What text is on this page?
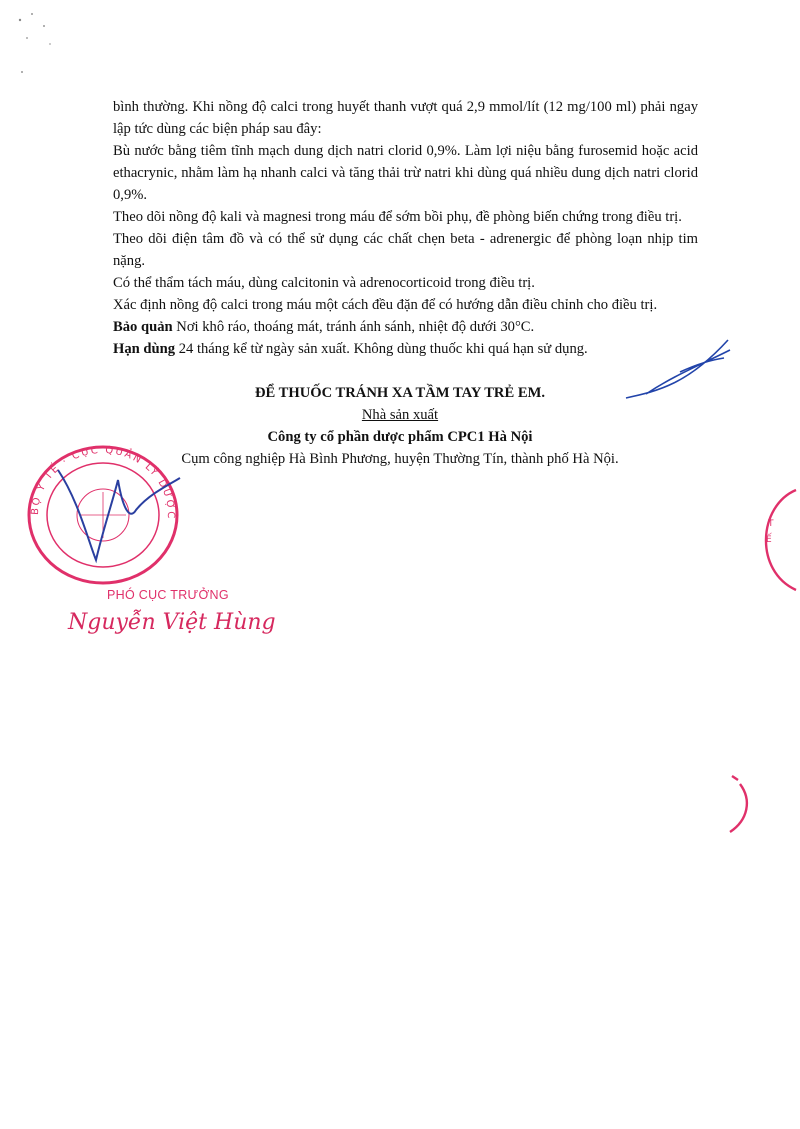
bình thường. Khi nồng độ calci trong huyết thanh vượt quá 2,9 mmol/lít (12 mg/100 ml) phải ngay lập tức dùng các biện pháp sau đây:

Bù nước bằng tiêm tĩnh mạch dung dịch natri clorid 0,9%. Làm lợi niệu bằng furosemid hoặc acid ethacrynic, nhằm làm hạ nhanh calci và tăng thải trừ natri khi dùng quá nhiều dung dịch natri clorid 0,9%.

Theo dõi nồng độ kali và magnesi trong máu để sớm bồi phụ, đề phòng biến chứng trong điều trị.

Theo dõi điện tâm đồ và có thể sử dụng các chất chẹn beta - adrenergic để phòng loạn nhịp tim nặng.

Có thể thẩm tách máu, dùng calcitonin và adrenocorticoid trong điều trị.

Xác định nồng độ calci trong máu một cách đều đặn để có hướng dẫn điều chỉnh cho điều trị.

Bảo quản Nơi khô ráo, thoáng mát, tránh ánh sánh, nhiệt độ dưới 30°C.

Hạn dùng 24 tháng kể từ ngày sản xuất. Không dùng thuốc khi quá hạn sử dụng.

ĐỂ THUỐC TRÁNH XA TẦM TAY TRẺ EM.
Nhà sản xuất
Công ty cổ phần dược phẩm CPC1 Hà Nội
Cụm công nghiệp Hà Bình Phương, huyện Thường Tín, thành phố Hà Nội.
BỘ Y TẾ · CỤC QUẢN LÝ DƯỢC
PHÓ CỤC TRƯỞNG
Nguyễn Việt Hùng
T
Ế
